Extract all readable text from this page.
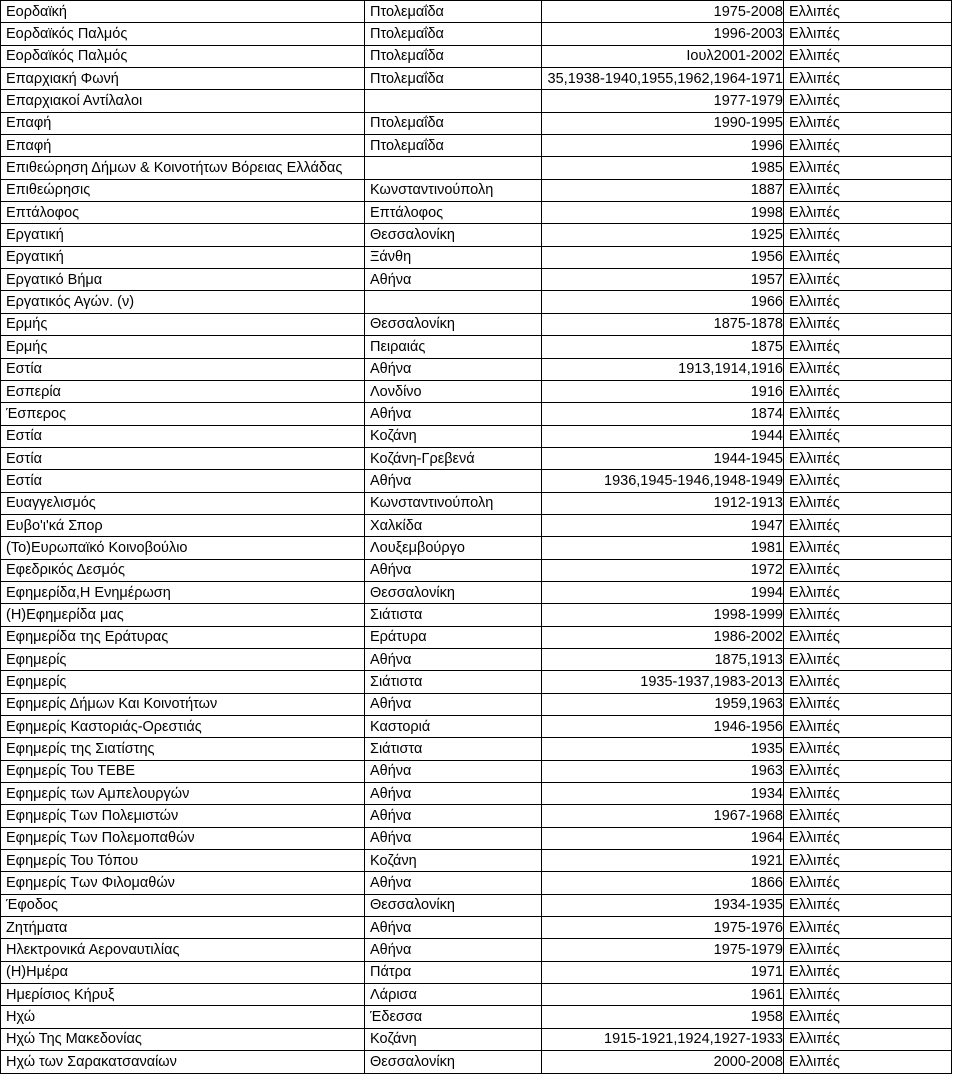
Εορδαϊκή	Πτολεμαΐδα	1975-2008	Ελλιπές
Εορδαϊκός Παλμός	Πτολεμαΐδα	1996-2003	Ελλιπές
Εορδαϊκός Παλμός	Πτολεμαΐδα	Ιουλ2001-2002	Ελλιπές
Επαρχιακή Φωνή	Πτολεμαΐδα	35,1938-1940,1955,1962,1964-1971	Ελλιπές
Επαρχιακοί Αντίλαλοι		1977-1979	Ελλιπές
Επαφή	Πτολεμαΐδα	1990-1995	Ελλιπές
Επαφή	Πτολεμαΐδα	1996	Ελλιπές
Επιθεώρηση Δήμων & Κοινοτήτων Βόρειας Ελλάδας		1985	Ελλιπές
Επιθεώρησις	Κωνσταντινούπολη	1887	Ελλιπές
Επτάλοφος	Επτάλοφος	1998	Ελλιπές
Εργατική	Θεσσαλονίκη	1925	Ελλιπές
Εργατική	Ξάνθη	1956	Ελλιπές
Εργατικό Βήμα	Αθήνα	1957	Ελλιπές
Εργατικός Αγών. (ν)		1966	Ελλιπές
Ερμής	Θεσσαλονίκη	1875-1878	Ελλιπές
Ερμής	Πειραιάς	1875	Ελλιπές
Εστία	Αθήνα	1913,1914,1916	Ελλιπές
Εσπερία	Λονδίνο	1916	Ελλιπές
Έσπερος	Αθήνα	1874	Ελλιπές
Εστία	Κοζάνη	1944	Ελλιπές
Εστία	Κοζάνη-Γρεβενά	1944-1945	Ελλιπές
Εστία	Αθήνα	1936,1945-1946,1948-1949	Ελλιπές
Ευαγγελισμός	Κωνσταντινούπολη	1912-1913	Ελλιπές
Ευβο'ι'κά Σπορ	Χαλκίδα	1947	Ελλιπές
(Το)Ευρωπαϊκό Κοινοβούλιο	Λουξεμβούργο	1981	Ελλιπές
Εφεδρικός Δεσμός	Αθήνα	1972	Ελλιπές
Εφημερίδα,Η Ενημέρωση	Θεσσαλονίκη	1994	Ελλιπές
(Η)Εφημερίδα μας	Σιάτιστα	1998-1999	Ελλιπές
Εφημερίδα της Εράτυρας	Εράτυρα	1986-2002	Ελλιπές
Εφημερίς	Αθήνα	1875,1913	Ελλιπές
Εφημερίς	Σιάτιστα	1935-1937,1983-2013	Ελλιπές
Εφημερίς Δήμων Και Κοινοτήτων	Αθήνα	1959,1963	Ελλιπές
Εφημερίς Καστοριάς-Ορεστιάς	Καστοριά	1946-1956	Ελλιπές
Εφημερίς της Σιατίστης	Σιάτιστα	1935	Ελλιπές
Εφημερίς Του ΤΕΒΕ	Αθήνα	1963	Ελλιπές
Εφημερίς των Αμπελουργών	Αθήνα	1934	Ελλιπές
Εφημερίς Των Πολεμιστών	Αθήνα	1967-1968	Ελλιπές
Εφημερίς Των Πολεμοπαθών	Αθήνα	1964	Ελλιπές
Εφημερίς Του Τόπου	Κοζάνη	1921	Ελλιπές
Εφημερίς Των Φιλομαθών	Αθήνα	1866	Ελλιπές
Έφοδος	Θεσσαλονίκη	1934-1935	Ελλιπές
Ζητήματα	Αθήνα	1975-1976	Ελλιπές
Ηλεκτρονικά Αεροναυτιλίας	Αθήνα	1975-1979	Ελλιπές
(Η)Ημέρα	Πάτρα	1971	Ελλιπές
Ημερίσιος Κήρυξ	Λάρισα	1961	Ελλιπές
Ηχώ	Έδεσσα	1958	Ελλιπές
Ηχώ Της Μακεδονίας	Κοζάνη	1915-1921,1924,1927-1933	Ελλιπές
Ηχώ των Σαρακατσαναίων	Θεσσαλονίκη	2000-2008	Ελλιπές
